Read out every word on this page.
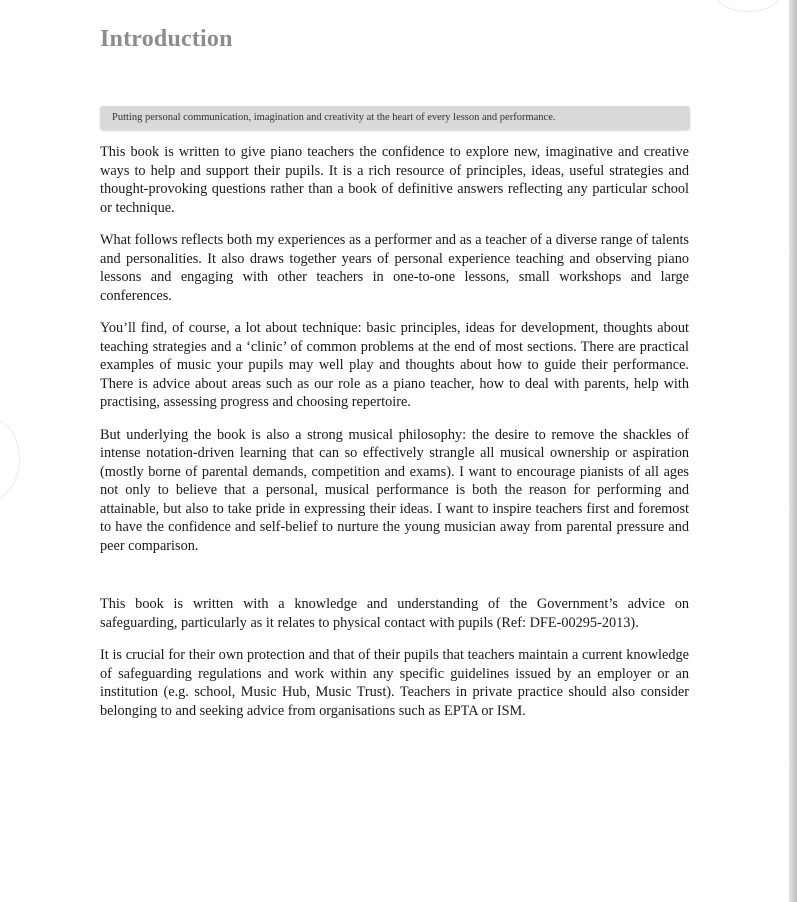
Introduction
Putting personal communication, imagination and creativity at the heart of every lesson and performance.

This book is written to give piano teachers the confidence to explore new, imaginative and creative ways to help and support their pupils. It is a rich resource of principles, ideas, useful strategies and thought-provoking questions rather than a book of definitive answers reflecting any particular school or technique.

What follows reflects both my experiences as a performer and as a teacher of a diverse range of talents and personalities. It also draws together years of personal experience teaching and observing piano lessons and engaging with other teachers in one-to-one lessons, small workshops and large conferences.

You’ll find, of course, a lot about technique: basic principles, ideas for development, thoughts about teaching strategies and a ‘clinic’ of common problems at the end of most sections. There are practical examples of music your pupils may well play and thoughts about how to guide their performance. There is advice about areas such as our role as a piano teacher, how to deal with parents, help with practising, assessing progress and choosing repertoire.

But underlying the book is also a strong musical philosophy: the desire to remove the shackles of intense notation-driven learning that can so effectively strangle all musical ownership or aspiration (mostly borne of parental demands, competition and exams). I want to encourage pianists of all ages not only to believe that a personal, musical performance is both the reason for performing and attainable, but also to take pride in expressing their ideas. I want to inspire teachers first and foremost to have the confidence and self-belief to nurture the young musician away from parental pressure and peer comparison.

This book is written with a knowledge and understanding of the Government’s advice on safeguarding, particularly as it relates to physical contact with pupils (Ref: DFE-00295-2013).

It is crucial for their own protection and that of their pupils that teachers maintain a current knowledge of safeguarding regulations and work within any specific guidelines issued by an employer or an institution (e.g. school, Music Hub, Music Trust). Teachers in private practice should also consider belonging to and seeking advice from organisations such as EPTA or ISM.
